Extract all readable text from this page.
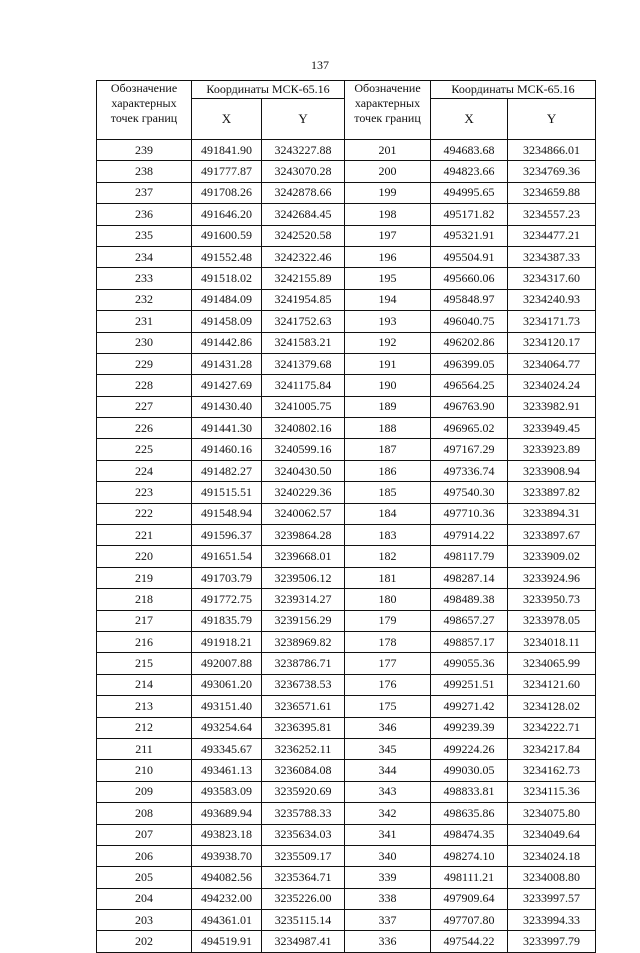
137
Обозначение
характерных
точек границ	Координаты МСК-65.16		Обозначение
характерных
точек границ	Координаты МСК-65.16	
	X	Y		X	Y
239	491841.90	3243227.88	201	494683.68	3234866.01
238	491777.87	3243070.28	200	494823.66	3234769.36
237	491708.26	3242878.66	199	494995.65	3234659.88
236	491646.20	3242684.45	198	495171.82	3234557.23
235	491600.59	3242520.58	197	495321.91	3234477.21
234	491552.48	3242322.46	196	495504.91	3234387.33
233	491518.02	3242155.89	195	495660.06	3234317.60
232	491484.09	3241954.85	194	495848.97	3234240.93
231	491458.09	3241752.63	193	496040.75	3234171.73
230	491442.86	3241583.21	192	496202.86	3234120.17
229	491431.28	3241379.68	191	496399.05	3234064.77
228	491427.69	3241175.84	190	496564.25	3234024.24
227	491430.40	3241005.75	189	496763.90	3233982.91
226	491441.30	3240802.16	188	496965.02	3233949.45
225	491460.16	3240599.16	187	497167.29	3233923.89
224	491482.27	3240430.50	186	497336.74	3233908.94
223	491515.51	3240229.36	185	497540.30	3233897.82
222	491548.94	3240062.57	184	497710.36	3233894.31
221	491596.37	3239864.28	183	497914.22	3233897.67
220	491651.54	3239668.01	182	498117.79	3233909.02
219	491703.79	3239506.12	181	498287.14	3233924.96
218	491772.75	3239314.27	180	498489.38	3233950.73
217	491835.79	3239156.29	179	498657.27	3233978.05
216	491918.21	3238969.82	178	498857.17	3234018.11
215	492007.88	3238786.71	177	499055.36	3234065.99
214	493061.20	3236738.53	176	499251.51	3234121.60
213	493151.40	3236571.61	175	499271.42	3234128.02
212	493254.64	3236395.81	346	499239.39	3234222.71
211	493345.67	3236252.11	345	499224.26	3234217.84
210	493461.13	3236084.08	344	499030.05	3234162.73
209	493583.09	3235920.69	343	498833.81	3234115.36
208	493689.94	3235788.33	342	498635.86	3234075.80
207	493823.18	3235634.03	341	498474.35	3234049.64
206	493938.70	3235509.17	340	498274.10	3234024.18
205	494082.56	3235364.71	339	498111.21	3234008.80
204	494232.00	3235226.00	338	497909.64	3233997.57
203	494361.01	3235115.14	337	497707.80	3233994.33
202	494519.91	3234987.41	336	497544.22	3233997.79
